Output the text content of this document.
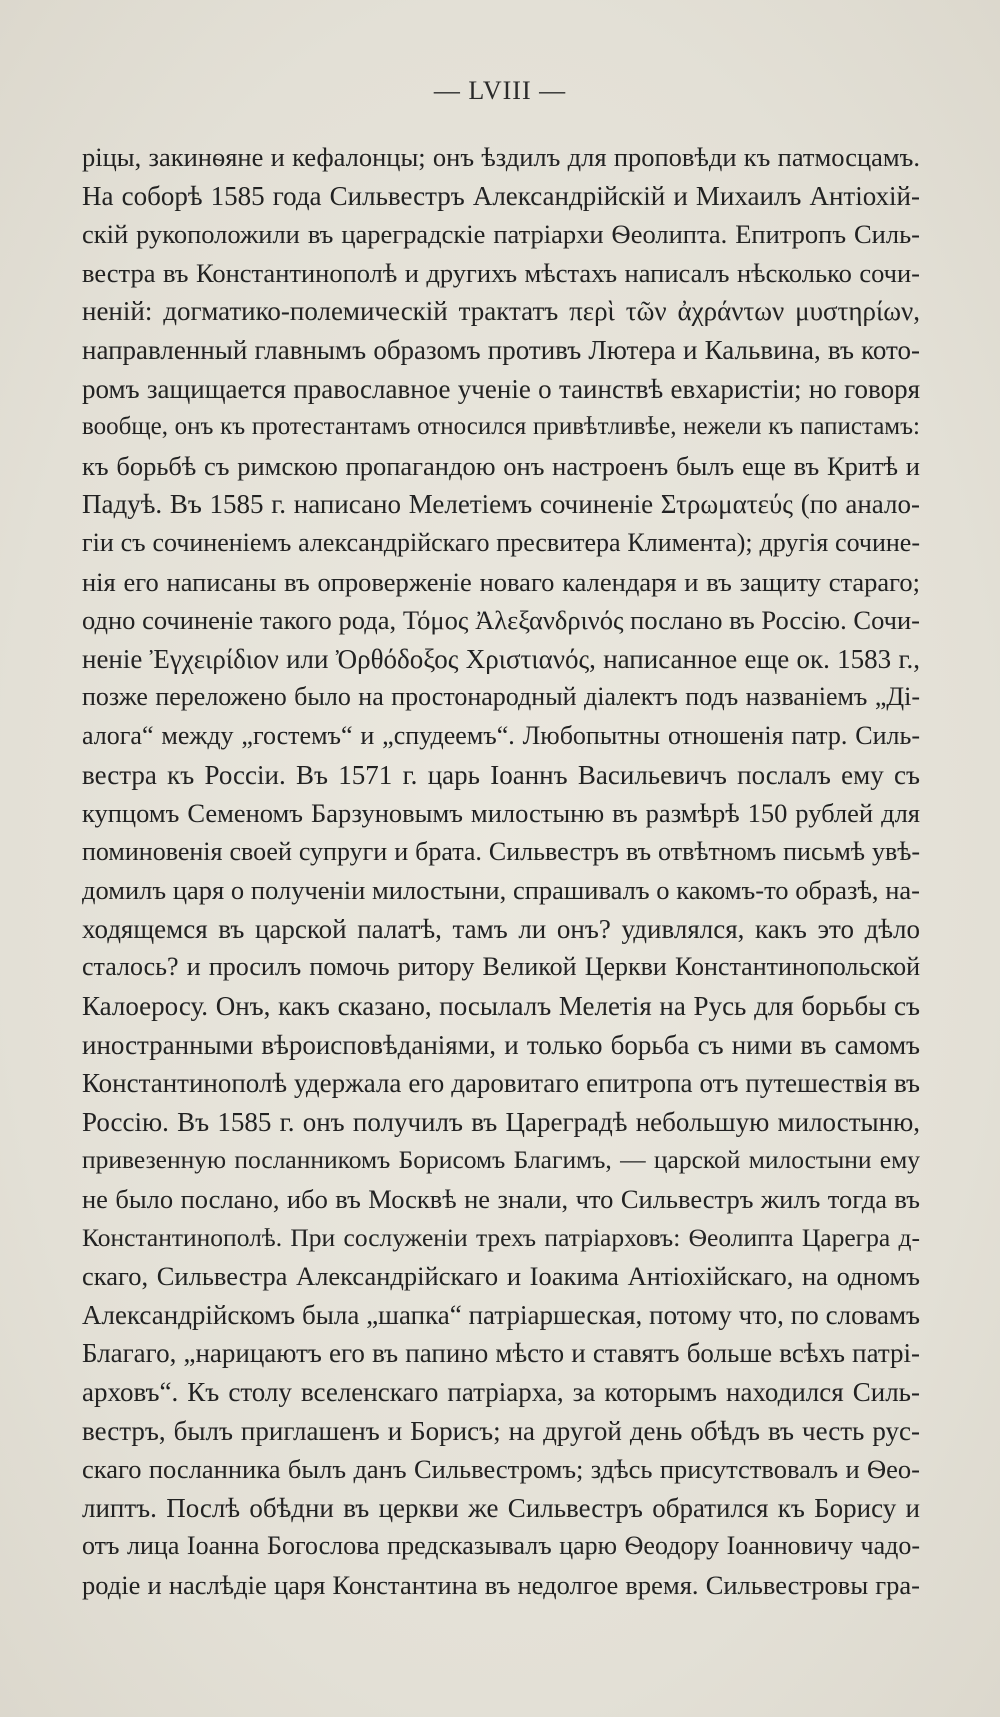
— LVIII —
ріцы, закинѳяне и кефалонцы; онъ ѣздилъ для проповѣди къ патмосцамъ.
На соборѣ 1585 года Сильвестръ Александрійскій и Михаилъ Антіохій-
скій рукоположили въ цареградскіе патріархи Ѳеолипта. Епитропъ Силь-
вестра въ Константинополѣ и другихъ мѣстахъ написалъ нѣсколько сочи-
неній: догматико-полемическій трактатъ περὶ τῶν ἀχράντων μυστηρίων,
направленный главнымъ образомъ противъ Лютера и Кальвина, въ кото-
ромъ защищается православное ученіе о таинствѣ евхаристіи; но говоря
вообще, онъ къ протестантамъ относился привѣтливѣе, нежели къ папистамъ:
къ борьбѣ съ римскою пропагандою онъ настроенъ былъ еще въ Критѣ и
Падуѣ. Въ 1585 г. написано Мелетіемъ сочиненіе Στρωματεύς (по анало-
гіи съ сочиненіемъ александрійскаго пресвитера Климента); другія сочине-
нія его написаны въ опроверженіе новаго календаря и въ защиту стараго;
одно сочиненіе такого рода, Τόμος Ἀλεξανδρινός послано въ Россію. Сочи-
неніе Ἐγχειρίδιον или Ὀρθόδοξος Χριστιανός, написанное еще ок. 1583 г.,
позже переложено было на простонародный діалектъ подъ названіемъ „Ді-
алога“ между „гостемъ“ и „спудеемъ“. Любопытны отношенія патр. Силь-
вестра къ Россіи. Въ 1571 г. царь Іоаннъ Васильевичъ послалъ ему съ
купцомъ Семеномъ Барзуновымъ милостыню въ размѣрѣ 150 рублей для
поминовенія своей супруги и брата. Сильвестръ въ отвѣтномъ письмѣ увѣ-
домилъ царя о полученіи милостыни, спрашивалъ о какомъ-то образѣ, на-
ходящемся въ царской палатѣ, тамъ ли онъ? удивлялся, какъ это дѣло
сталось? и просилъ помочь ритору Великой Церкви Константинопольской
Калоеросу. Онъ, какъ сказано, посылалъ Мелетія на Русь для борьбы съ
иностранными вѣроисповѣданіями, и только борьба съ ними въ самомъ
Константинополѣ удержала его даровитаго епитропа отъ путешествія въ
Россію. Въ 1585 г. онъ получилъ въ Цареградѣ небольшую милостыню,
привезенную посланникомъ Борисомъ Благимъ, — царской милостыни ему
не было послано, ибо въ Москвѣ не знали, что Сильвестръ жилъ тогда въ
Константинополѣ. При сослуженіи трехъ патріарховъ: Ѳеолипта Царегра д-
скаго, Сильвестра Александрійскаго и Іоакима Антіохійскаго, на одномъ
Александрійскомъ была „шапка“ патріаршеская, потому что, по словамъ
Благаго, „нарицаютъ его въ папино мѣсто и ставятъ больше всѣхъ патрі-
арховъ“. Къ столу вселенскаго патріарха, за которымъ находился Силь-
вестръ, былъ приглашенъ и Борисъ; на другой день обѣдъ въ честь рус-
скаго посланника былъ данъ Сильвестромъ; здѣсь присутствовалъ и Ѳео-
липтъ. Послѣ обѣдни въ церкви же Сильвестръ обратился къ Борису и
отъ лица Іоанна Богослова предсказывалъ царю Ѳеодору Іоанновичу чадо-
родіе и наслѣдіе царя Константина въ недолгое время. Сильвестровы гра-
